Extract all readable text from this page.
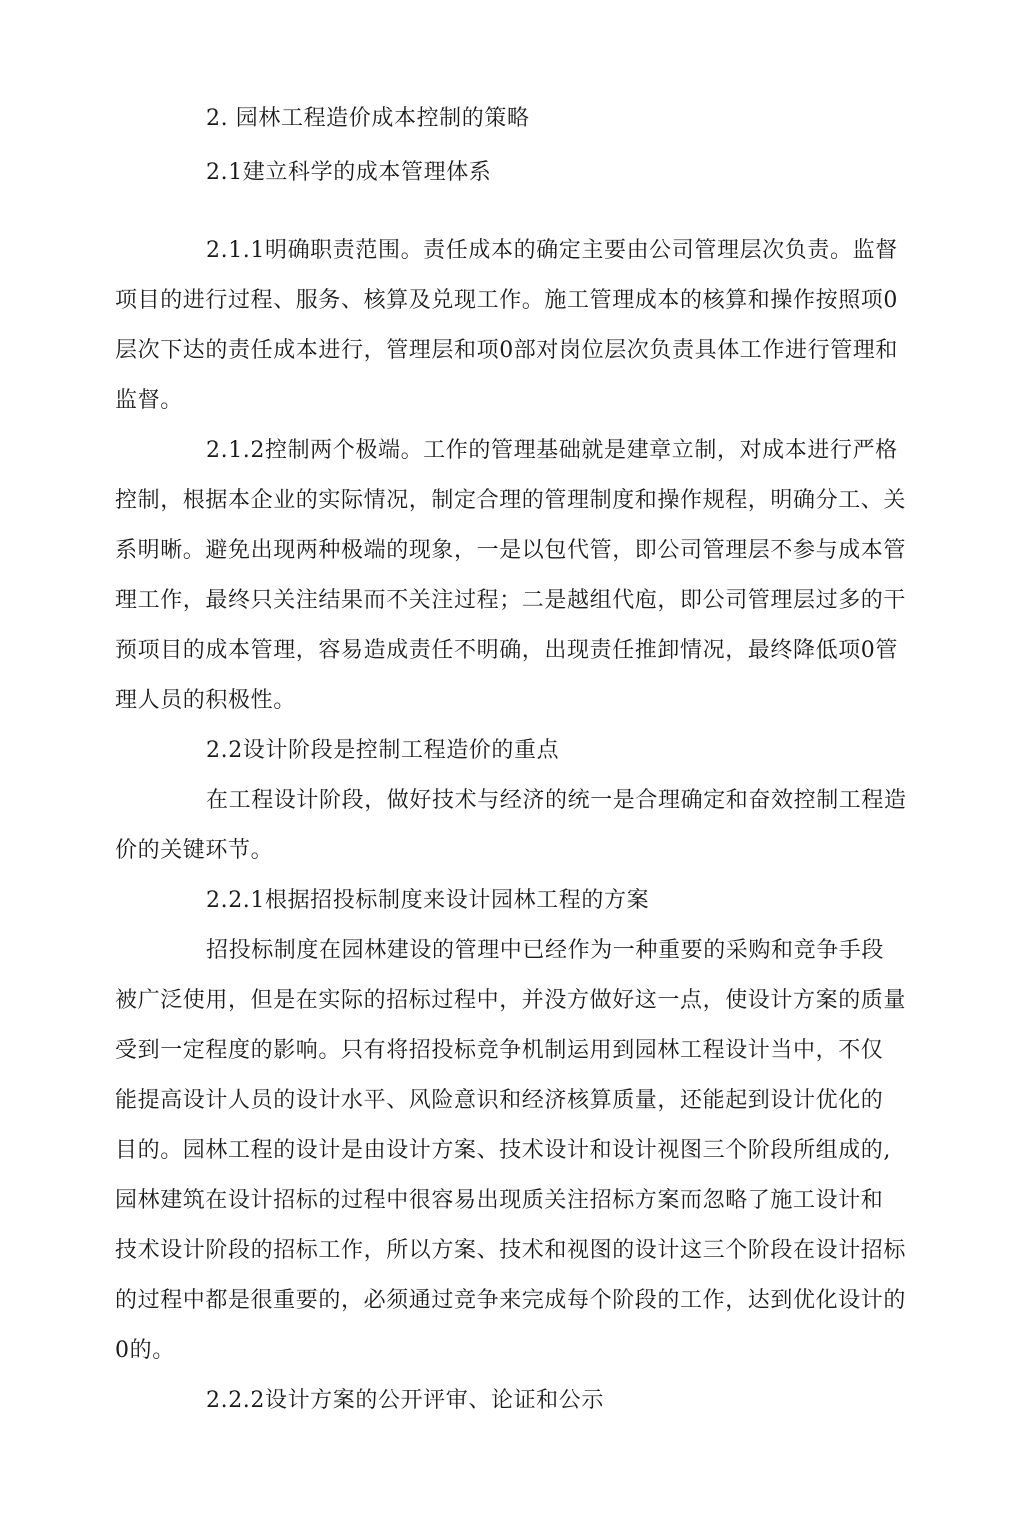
2. 园林工程造价成本控制的策略
2.1建立科学的成本管理体系
2.1.1明确职责范围。责任成本的确定主要由公司管理层次负责。监督
项目的进行过程、服务、核算及兑现工作。施工管理成本的核算和操作按照项0
层次下达的责任成本进行，管理层和项0部对岗位层次负责具体工作进行管理和
监督。
2.1.2控制两个极端。工作的管理基础就是建章立制，对成本进行严格
控制，根据本企业的实际情况，制定合理的管理制度和操作规程，明确分工、关
系明晰。避免出现两种极端的现象，一是以包代管，即公司管理层不参与成本管
理工作，最终只关注结果而不关注过程；二是越组代庖，即公司管理层过多的干
预项目的成本管理，容易造成责任不明确，出现责任推卸情况，最终降低项0管
理人员的积极性。
2.2设计阶段是控制工程造价的重点
在工程设计阶段，做好技术与经济的统一是合理确定和奋效控制工程造
价的关键环节。
2.2.1根据招投标制度来设计园林工程的方案
招投标制度在园林建设的管理中已经作为一种重要的采购和竞争手段
被广泛使用，但是在实际的招标过程中，并没方做好这一点，使设计方案的质量
受到一定程度的影响。只有将招投标竞争机制运用到园林工程设计当中，不仅
能提高设计人员的设计水平、风险意识和经济核算质量，还能起到设计优化的
目的。园林工程的设计是由设计方案、技术设计和设计视图三个阶段所组成的,
园林建筑在设计招标的过程中很容易出现质关注招标方案而忽略了施工设计和
技术设计阶段的招标工作，所以方案、技术和视图的设计这三个阶段在设计招标
的过程中都是很重要的，必须通过竞争来完成每个阶段的工作，达到优化设计的
0的。
2.2.2设计方案的公开评审、论证和公示
